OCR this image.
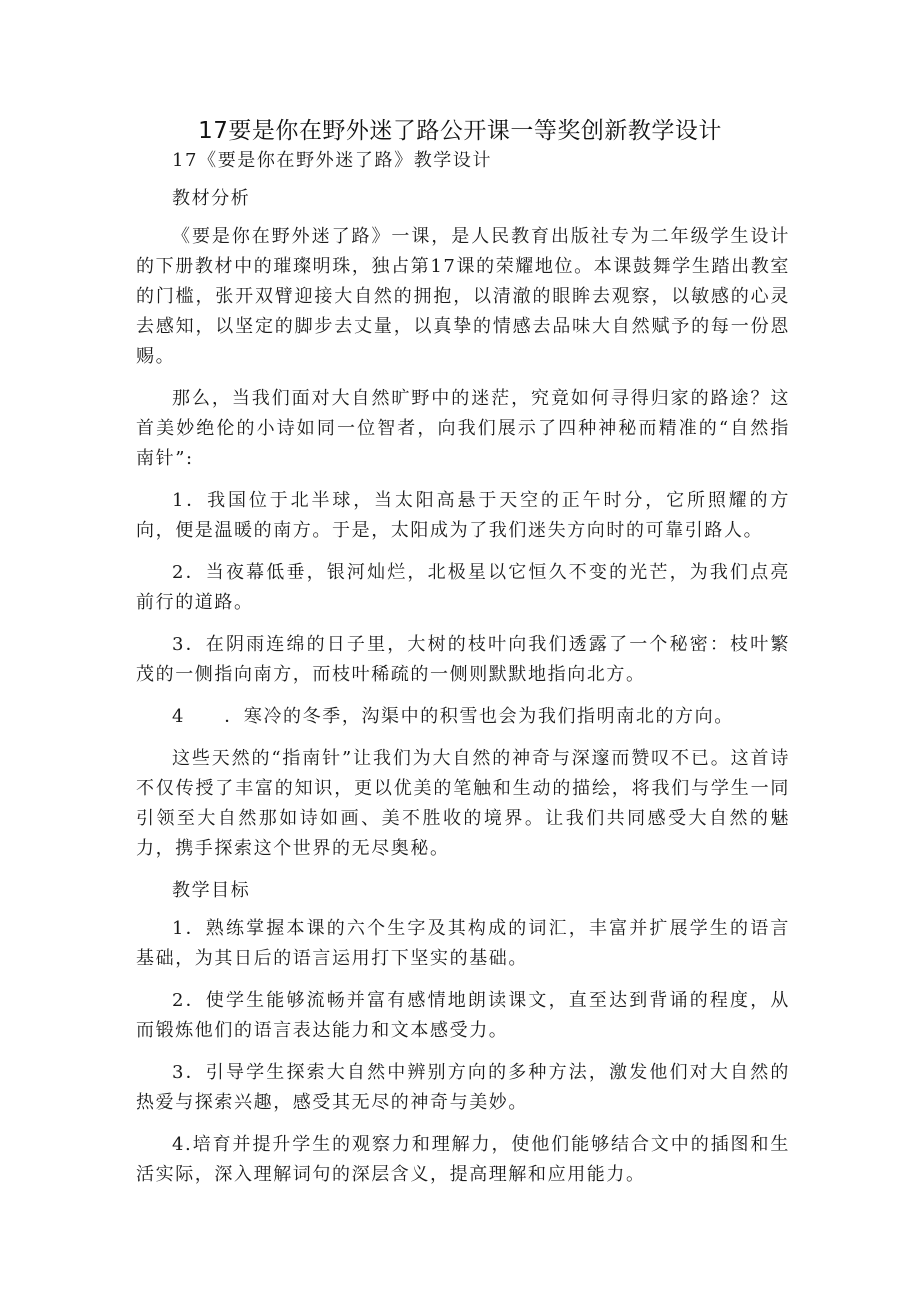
17要是你在野外迷了路公开课一等奖创新教学设计

17《要是你在野外迷了路》教学设计

教材分析

《要是你在野外迷了路》一课，是人民教育出版社专为二年级学生设计的下册教材中的璀璨明珠，独占第17课的荣耀地位。本课鼓舞学生踏出教室的门槛，张开双臂迎接大自然的拥抱，以清澈的眼眸去观察，以敏感的心灵去感知，以坚定的脚步去丈量，以真挚的情感去品味大自然赋予的每一份恩赐。

那么，当我们面对大自然旷野中的迷茫，究竟如何寻得归家的路途？这首美妙绝伦的小诗如同一位智者，向我们展示了四种神秘而精准的“自然指南针”:

1．我国位于北半球，当太阳高悬于天空的正午时分，它所照耀的方向，便是温暖的南方。于是，太阳成为了我们迷失方向时的可靠引路人。

2．当夜幕低垂，银河灿烂，北极星以它恒久不变的光芒，为我们点亮前行的道路。

3．在阴雨连绵的日子里，大树的枝叶向我们透露了一个秘密：枝叶繁茂的一侧指向南方，而枝叶稀疏的一侧则默默地指向北方。

4　　．寒冷的冬季，沟渠中的积雪也会为我们指明南北的方向。

这些天然的“指南针”让我们为大自然的神奇与深邃而赞叹不已。这首诗不仅传授了丰富的知识，更以优美的笔触和生动的描绘，将我们与学生一同引领至大自然那如诗如画、美不胜收的境界。让我们共同感受大自然的魅力，携手探索这个世界的无尽奥秘。

教学目标

1．熟练掌握本课的六个生字及其构成的词汇，丰富并扩展学生的语言基础，为其日后的语言运用打下坚实的基础。

2．使学生能够流畅并富有感情地朗读课文，直至达到背诵的程度，从而锻炼他们的语言表达能力和文本感受力。

3．引导学生探索大自然中辨别方向的多种方法，激发他们对大自然的热爱与探索兴趣，感受其无尽的神奇与美妙。

4.培育并提升学生的观察力和理解力，使他们能够结合文中的插图和生活实际，深入理解词句的深层含义，提高理解和应用能力。
